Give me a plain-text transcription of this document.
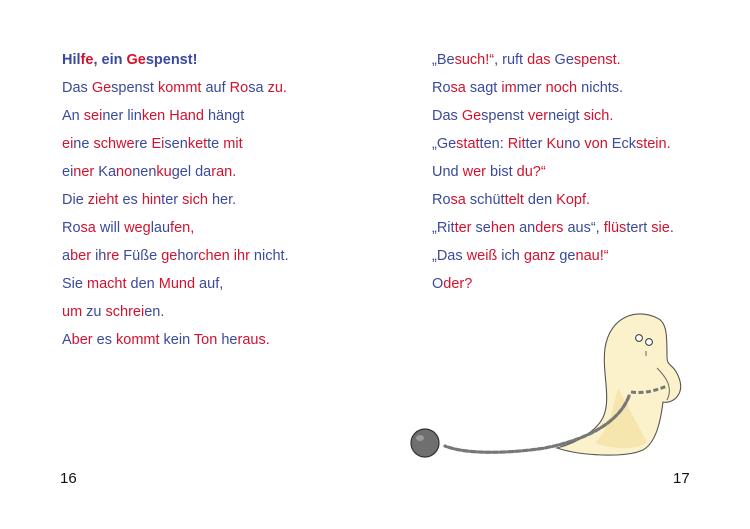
Hilfe, ein Gespenst!
Das Gespenst kommt auf Rosa zu.
An seiner linken Hand hängt
eine schwere Eisenkette mit
einer Kanonenkugel daran.
Die zieht es hinter sich her.
Rosa will weglaufen,
aber ihre Füße gehorchen ihr nicht.
Sie macht den Mund auf,
um zu schreien.
Aber es kommt kein Ton heraus.
16
„Besuch!“, ruft das Gespenst.
Rosa sagt immer noch nichts.
Das Gespenst verneigt sich.
„Gestatten: Ritter Kuno von Eckstein.
Und wer bist du?“
Rosa schüttelt den Kopf.
„Ritter sehen anders aus“, flüstert sie.
„Das weiß ich ganz genau!“
Oder?
17
